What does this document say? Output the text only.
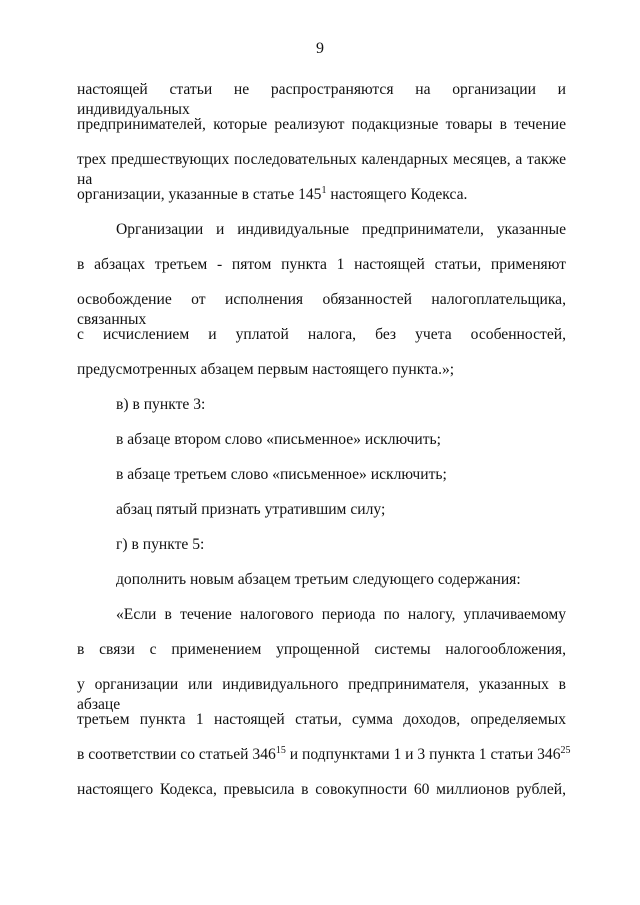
9
настоящей статьи не распространяются на организации и индивидуальных
предпринимателей, которые реализуют подакцизные товары в течение
трех предшествующих последовательных календарных месяцев, а также на
организации, указанные в статье $145^1$ настоящего Кодекса.
Организации и индивидуальные предприниматели, указанные
в абзацах третьем - пятом пункта 1 настоящей статьи, применяют
освобождение от исполнения обязанностей налогоплательщика, связанных
с исчислением и уплатой налога, без учета особенностей,
предусмотренных абзацем первым настоящего пункта.»;
в) в пункте 3:
в абзаце втором слово «письменное» исключить;
в абзаце третьем слово «письменное» исключить;
абзац пятый признать утратившим силу;
г) в пункте 5:
дополнить новым абзацем третьим следующего содержания:
«Если в течение налогового периода по налогу, уплачиваемому
в связи с применением упрощенной системы налогообложения,
у организации или индивидуального предпринимателя, указанных в абзаце
третьем пункта 1 настоящей статьи, сумма доходов, определяемых
в соответствии со статьей $346^{15}$ и подпунктами 1 и 3 пункта 1 статьи $346^{25}$
настоящего Кодекса, превысила в совокупности 60 миллионов рублей,
